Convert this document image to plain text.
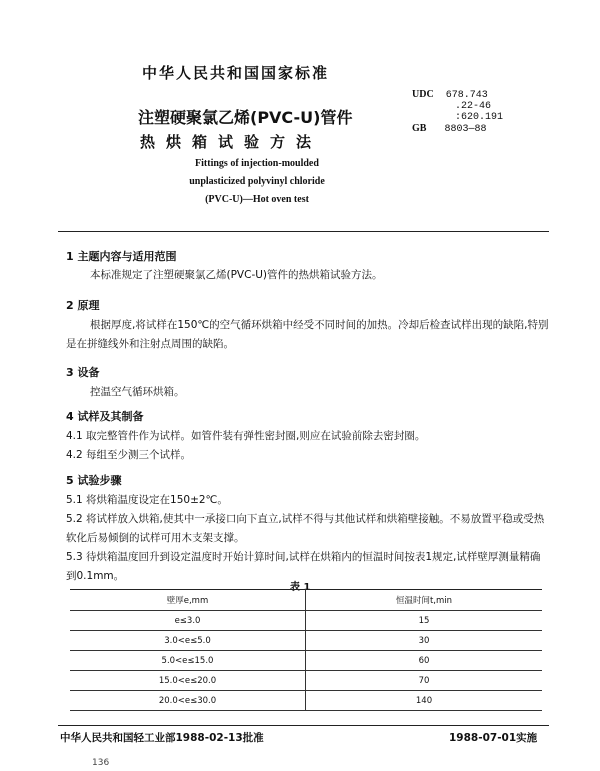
中华人民共和国国家标准
注塑硬聚氯乙烯(PVC-U)管件
热烘箱试验方法
Fittings of injection-moulded
unplasticized polyvinyl chloride
(PVC-U)—Hot oven test
UDC 678.743
.22-46
:620.191
GB 8803—88
1 主题内容与适用范围
本标准规定了注塑硬聚氯乙烯(PVC-U)管件的热烘箱试验方法。
2 原理
根据厚度,将试样在150℃的空气循环烘箱中经受不同时间的加热。冷却后检查试样出现的缺陷,特别是在拼缝线外和注射点周围的缺陷。
3 设备
控温空气循环烘箱。
4 试样及其制备
4.1 取完整管件作为试样。如管件装有弹性密封圈,则应在试验前除去密封圈。
4.2 每组至少测三个试样。
5 试验步骤
5.1 将烘箱温度设定在150±2℃。
5.2 将试样放入烘箱,使其中一承接口向下直立,试样不得与其他试样和烘箱壁接触。不易放置平稳或受热软化后易倾倒的试样可用木支架支撑。
5.3 待烘箱温度回升到设定温度时开始计算时间,试样在烘箱内的恒温时间按表1规定,试样壁厚测量精确到0.1mm。
表 1
壁厚e,mm	恒温时间t,min
e≤3.0	15
3.0<e≤5.0	30
5.0<e≤15.0	60
15.0<e≤20.0	70
20.0<e≤30.0	140
中华人民共和国轻工业部1988-02-13批准	1988-07-01实施
136
